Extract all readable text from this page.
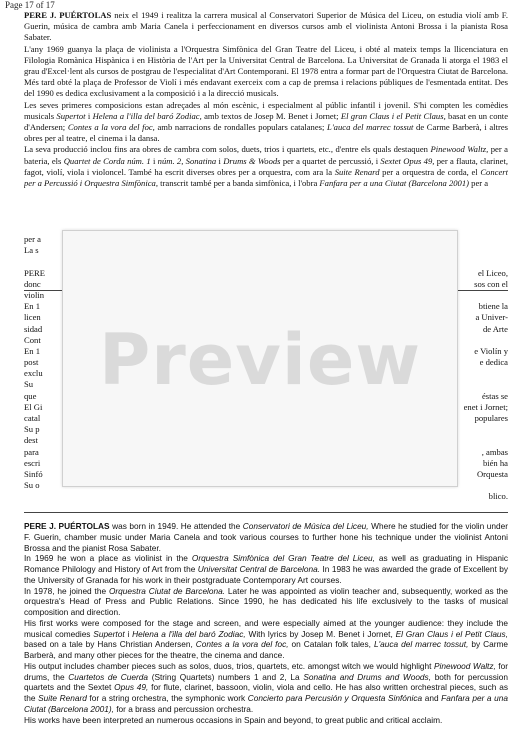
Page 17 of 17

PERE J. PUÉRTOLAS neix el 1949 i realitza la carrera musical al Conservatori Superior de Música del Liceu, on estudia violí amb F. Guerin, música de cambra amb Maria Canela i perfeccionament en diversos cursos amb el violinista Antoni Brossa i la pianista Rosa Sabater.

L'any 1969 guanya la plaça de violinista a l'Orquestra Simfònica del Gran Teatre del Liceu, i obté al mateix temps la llicenciatura en Filologia Romànica Hispànica i en Història de l'Art per la Universitat Central de Barcelona. La Universitat de Granada li atorga el 1983 el grau d'Excel·lent als cursos de postgrau de l'especialitat d'Art Contemporani. El 1978 entra a formar part de l'Orquestra Ciutat de Barcelona. Més tard obté la plaça de Professor de Violí i més endavant exerceix com a cap de premsa i relacions públiques de l'esmentada entitat. Des del 1990 es dedica exclusivament a la composició i a la direcció musicals.

Les seves primeres composicions estan adreçades al món escènic, i especialment al públic infantil i jovenil. S'hi compten les comèdies musicals Supertot i Helena a l'illa del baró Zodiac, amb textos de Josep M. Benet i Jornet; El gran Claus i el Petit Claus, basat en un conte d'Andersen; Contes a la vora del foc, amb narracions de rondalles populars catalanes; L'auca del marrec tossut de Carme Barberà, i altres obres per al teatre, el cinema i la dansa.

La seva producció inclou fins ara obres de cambra com solos, duets, trios i quartets, etc., d'entre els quals destaquen Pinewood Waltz, per a bateria, els Quartet de Corda núm. 1 i núm. 2, Sonatina i Drums & Woods per a quartet de percussió, i Sextet Opus 49, per a flauta, clarinet, fagot, violí, viola i violoncel. També ha escrit diverses obres per a orquestra, com ara la Suite Renard per a orquestra de corda, el Concert per a Percussió i Orquestra Simfònica, transcrit també per a banda simfònica, i l'obra Fanfara per a una Ciutat (Barcelona 2001) per a

per a
La s
PERE
donc
violin
En 1
licen
sidad
Cont
En 1
post
exclu
Su
que
El Gi
catal
Su p
dest
para
escri
Sinfó
Su o
el Liceo,
sos con el
btiene la
a Univer-
de Arte
e Violín y
e dedica
éstas se
enet i Jornet;
populares
, ambas
bién ha
Orquesta
blico.
Preview

PERE J. PUÉRTOLAS was born in 1949. He attended the Conservatori de Música del Liceu, Where he studied for the violin under F. Guerin, chamber music under Maria Canela and took various courses to further hone his technique under the violinist Antoni Brossa and the pianist Rosa Sabater.

In 1969 he won a place as violinist in the Orquestra Simfònica del Gran Teatre del Liceu, as well as graduating in Hispanic Romance Philology and History of Art from the Universitat Central de Barcelona. In 1983 he was awarded the grade of Excellent by the University of Granada for his work in their postgraduate Contemporary Art courses.

In 1978, he joined the Orquestra Ciutat de Barcelona. Later he was appointed as violin teacher and, subsequently, worked as the orquestra's Head of Press and Public Relations. Since 1990, he has dedicated his life exclusively to the tasks of musical composition and direction.

His first works were composed for the stage and screen, and were especially aimed at the younger audience: they include the musical comedies Supertot i Helena a l'illa del baró Zodiac, With lyrics by Josep M. Benet i Jornet, El Gran Claus i el Petit Claus, based on a tale by Hans Christian Andersen, Contes a la vora del foc, on Catalan folk tales, L'auca del marrec tossut, by Carme Barberà, and many other pieces for the theatre, the cinema and dance.

His output includes chamber pieces such as solos, duos, trios, quartets, etc. amongst witch we would highlight Pinewood Waltz, for drums, the Cuartetos de Cuerda (String Quartets) numbers 1 and 2, La Sonatina and Drums and Woods, both for percussion quartets and the Sextet Opus 49, for flute, clarinet, bassoon, violin, viola and cello. He has also written orchestral pieces, such as the Suite Renard for a string orchestra, the symphonic work Concierto para Percusión y Orquesta Sinfónica and Fanfara per a una Ciutat (Barcelona 2001), for a brass and percussion orchestra.

His works have been interpreted an numerous occasions in Spain and beyond, to great public and critical acclaim.
